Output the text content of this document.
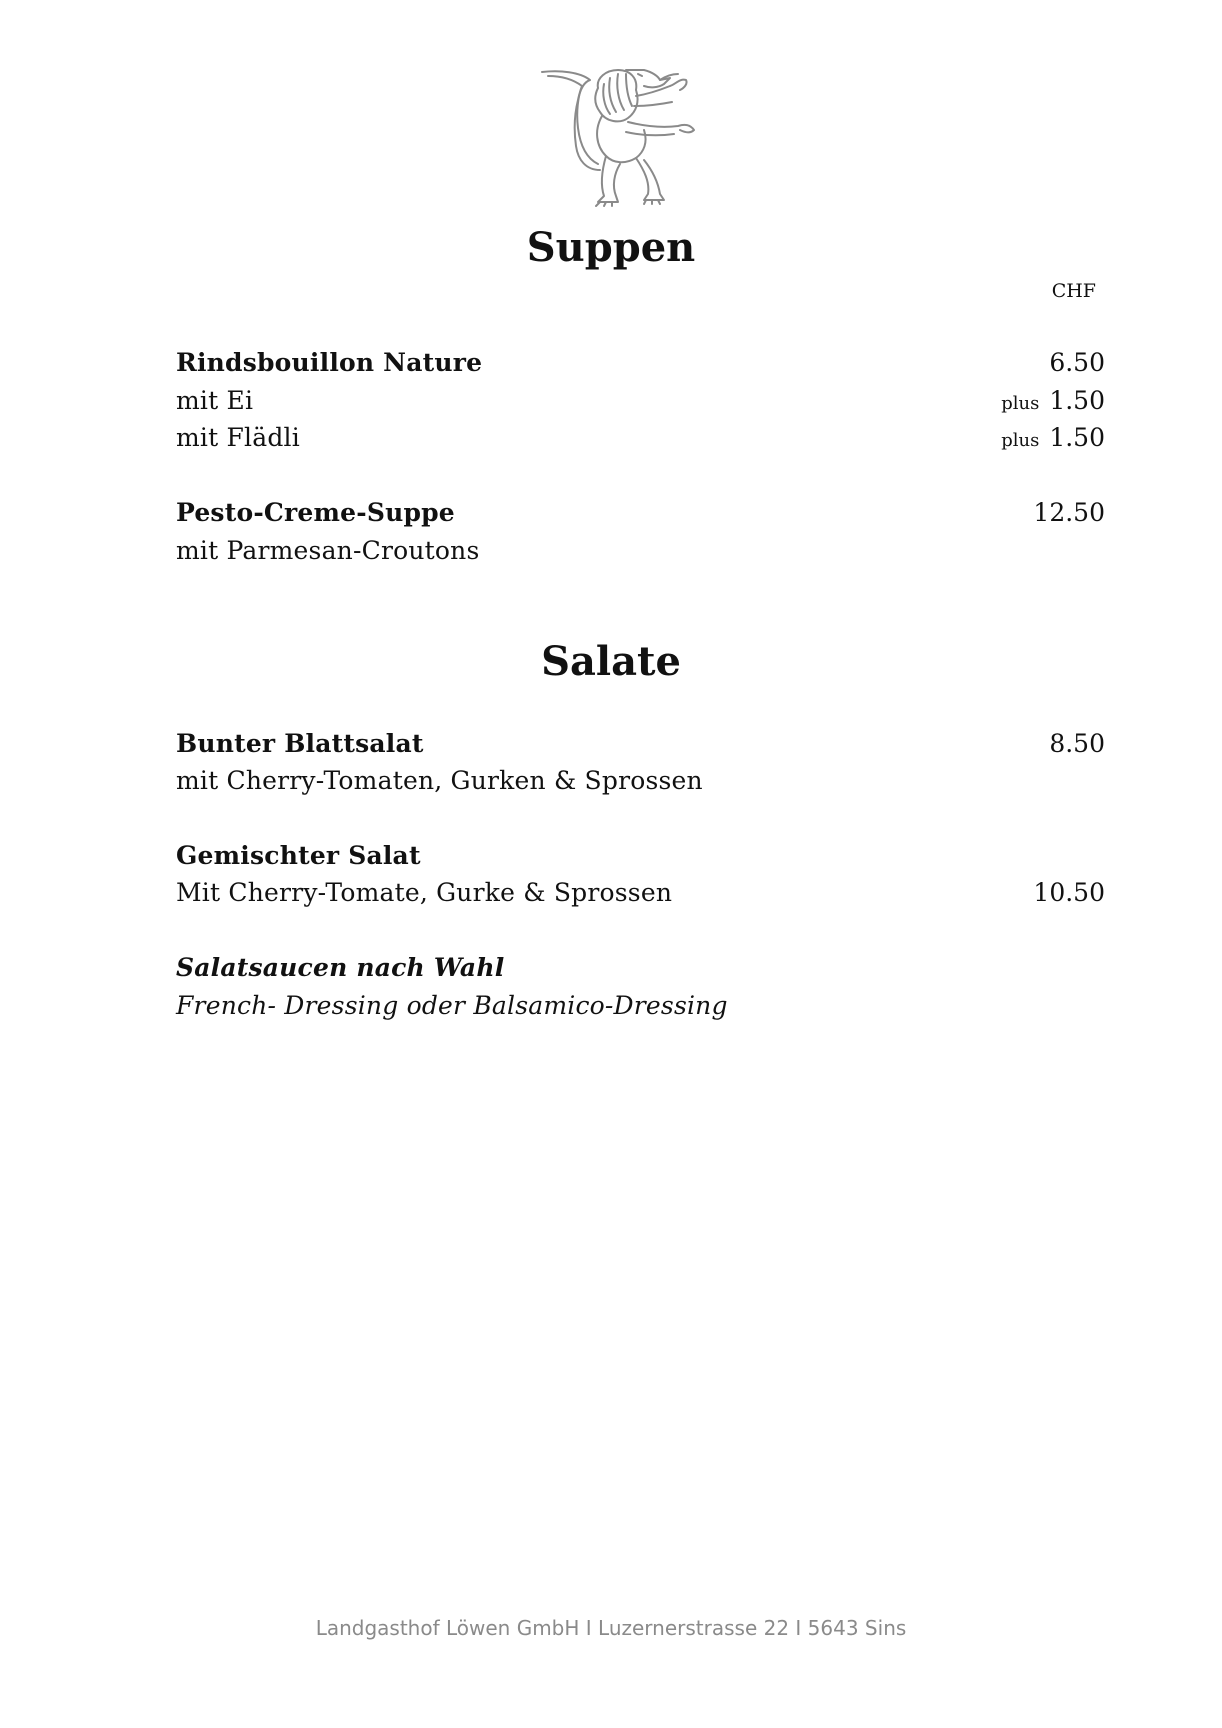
Suppen
CHF
Rindsbouillon Nature	6.50
mit Ei	plus 1.50
mit Flädli	plus 1.50
Pesto-Creme-Suppe	12.50
mit Parmesan-Croutons
Salate
Bunter Blattsalat	8.50
mit Cherry-Tomaten, Gurken & Sprossen
Gemischter Salat
Mit Cherry-Tomate, Gurke & Sprossen	10.50
Salatsaucen nach Wahl
French- Dressing oder Balsamico-Dressing
Landgasthof Löwen GmbH I Luzernerstrasse 22 I 5643 Sins
